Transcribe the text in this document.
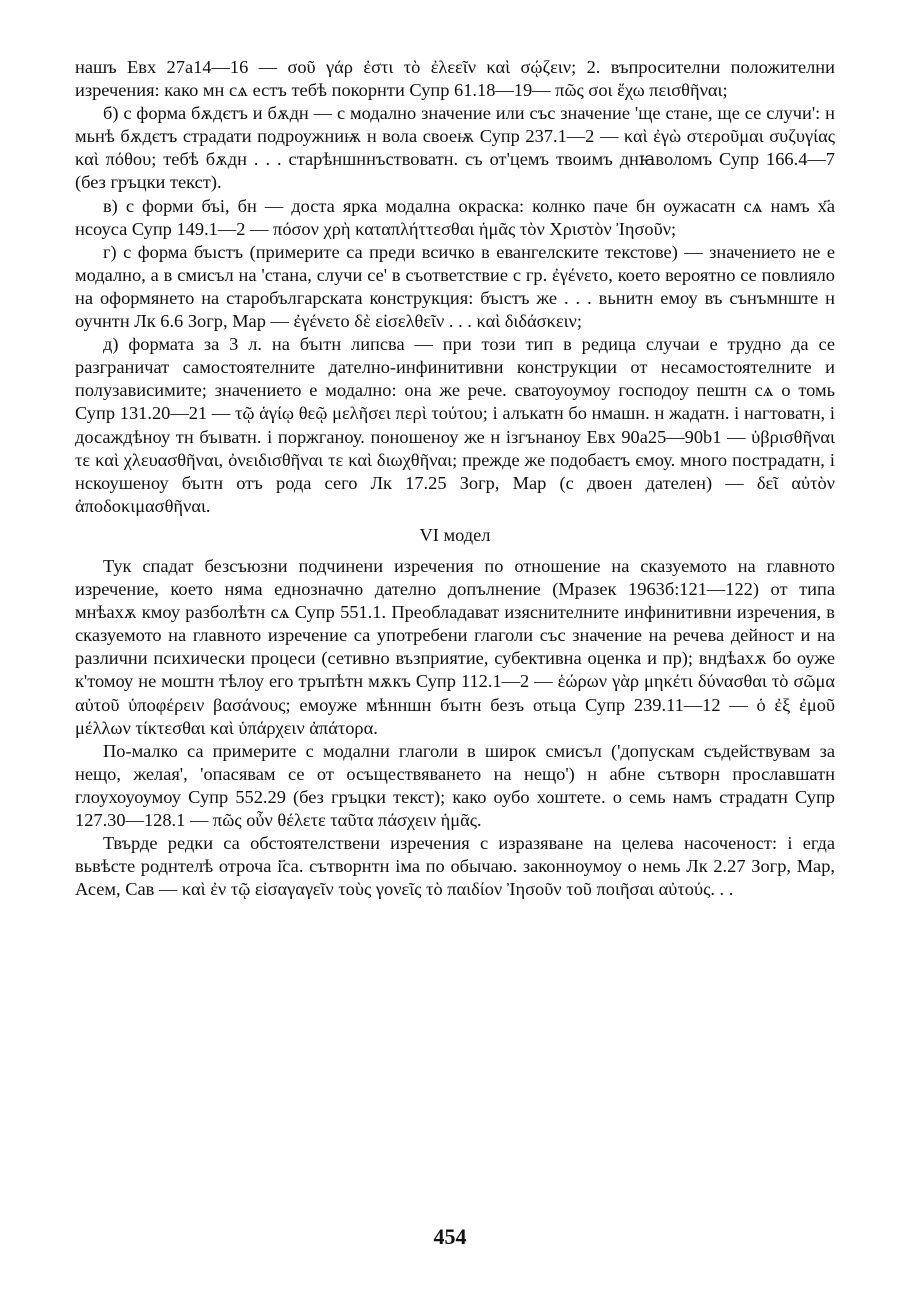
нашъ Евх 27а14—16 — σοῦ γάρ ἐστι τὸ ἐλεεῖν καὶ σῴζειν; 2. въпросителни положителни изречения: како мн сѧ естъ тебѣ покорнти Супр 61.18—19— πῶς σοι ἔχω πεισθῆναι;

б) с форма бѫдєтъ и бѫдн — с модално значение или със значение 'ще стане, ще се случи': н мьнѣ бѫдєтъ страдати подроужниѭ н вола своеѭ Супр 237.1—2 — καὶ ἐγὼ στεροῦμαι συζυγίας καὶ πόθου; тебѣ бѫдн . . . старѣншннъствоватн. съ от'цемъ твоимъ днꙗволомъ Супр 166.4—7 (без гръцки текст).

в) с форми бъі, бн — доста ярка модална окраска: колнко паче бн оужасатн сѧ намъ х҃а нсоуса Супр 149.1—2 — πόσον χρὴ καταπλήττεσθαι ἡμᾶς τὸν Χριστὸν Ἰησοῦν;

г) с форма бъıстъ (примерите са преди всичко в евангелските текстове) — значението не е модално, а в смисъл на 'стана, случи се' в съответствие с гр. ἐγένετο, което вероятно се повлияло на оформянето на старобългарската конструкция: бъıстъ же . . . вьнитн емоу въ сънъмнште н оучнтн Лк 6.6 Зогр, Мар — ἐγένετο δὲ εἰσελθεῖν . . . καὶ διδάσκειν;

д) формата за 3 л. на бъıтн липсва — при този тип в редица случаи е трудно да се разграничат самостоятелните дателно-инфинитивни конструкции от несамостоятелните и полузависимите; значението е модално: она же рече. сватоуоумоу господоу пештн сѧ о томь Супр 131.20—21 — τῷ ἁγίῳ θεῷ μελῆσει περὶ τούτου; і алъкатн бо нмашн. н жадатн. і нагтоватн, і досаждѣноу тн бъıватн. і поржганоу. поношеноу же н ізгънаноу Евх 90а25—90b1 — ὑβρισθῆναι τε καὶ χλευασθῆναι, ὀνειδισθῆναι τε καὶ διωχθῆναι; прежде же подобаєтъ ємоу. много пострадатн, і нскоушеноу бъıтн отъ рода сего Лк 17.25 Зогр, Мар (с двоен дателен) — δεῖ αὐτὸν ἀποδοκιμασθῆναι.

VI модел

Тук спадат безсъюзни подчинени изречения по отношение на сказуемото на главното изречение, което няма еднозначно дателно допълнение (Мразек 1963б:121—122) от типа мнѣахѫ кмоу разболѣтн сѧ Супр 551.1. Преобладават изяснителните инфинитивни изречения, в сказуемото на главното изречение са употребени глаголи със значение на речева дейност и на различни психически процеси (сетивно възприятие, субективна оценка и пр); вндѣахѫ бо оуже к'томоу не моштн тѣлоу его тръпѣтн мѫкъ Супр 112.1—2 — ἑώρων γὰρ μηκέτι δύνασθαι τὸ σῶμα αὐτοῦ ὑποφέρειν βασάνους; емоуже мѣнншн бъıтн безъ отьца Супр 239.11—12 — ὁ ἐξ ἐμοῦ μέλλων τίκτεσθαι καὶ ὑπάρχειν ἀπάτορα.

По-малко са примерите с модални глаголи в широк смисъл ('допускам съдействувам за нещо, желая', 'опасявам се от осъществяването на нещо') н абне сътворн прославшатн глоухоуоумоу Супр 552.29 (без гръцки текст); како оубо хоштете. о семь намъ страдатн Супр 127.30—128.1 — πῶς οὖν θέλετε ταῦτα πάσχειν ἡμᾶς.

Твърде редки са обстоятелствени изречения с изразяване на целева насоченост: і егда вьвѣсте роднтелѣ отроча і҃са. сътворнтн іма по обычаю. законноумоу о немь Лк 2.27 Зогр, Мар, Асем, Сав — καὶ ἐν τῷ εἰσαγαγεῖν τοὺς γονεῖς τὸ παιδίον Ἰησοῦν τοῦ ποιῆσαι αὐτούς. . .

454
